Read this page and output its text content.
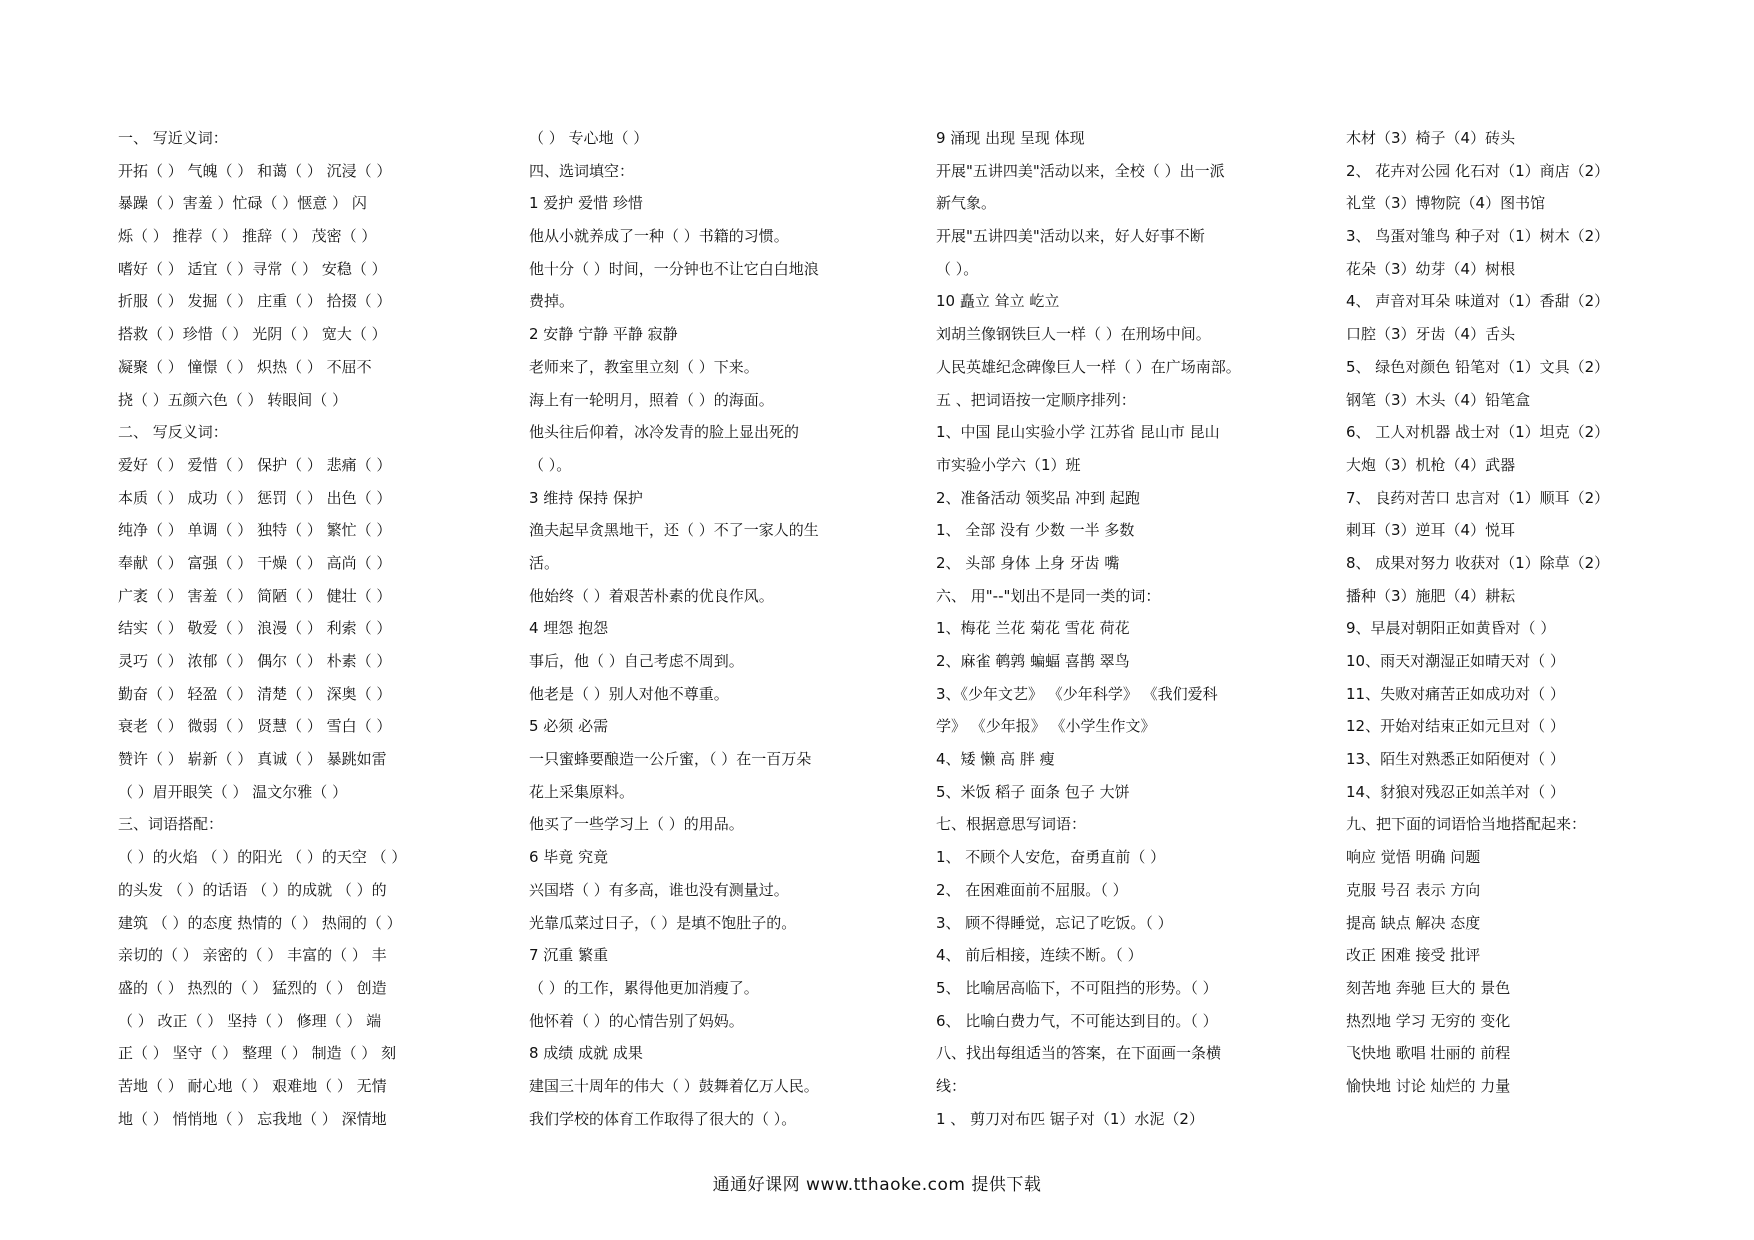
一、 写近义词：
开拓（ ） 气魄（ ） 和蔼（ ） 沉浸（ ）
暴躁（ ）害羞 ）忙碌（ ）惬意 ） 闪
烁（ ） 推荐（ ） 推辞（ ） 茂密（ ）
嗜好（ ） 适宜（ ）寻常（ ） 安稳（ ）
折服（ ） 发掘（ ） 庄重（ ） 拾掇（ ）
搭救（ ）珍惜（ ） 光阴（ ） 宽大（ ）
凝聚（ ） 憧憬（ ） 炽热（ ） 不屈不
挠（ ）五颜六色（ ） 转眼间（ ）
二、 写反义词：
爱好（ ） 爱惜（ ） 保护（ ） 悲痛（ ）
本质（ ） 成功（ ） 惩罚（ ） 出色（ ）
纯净（ ） 单调（ ） 独特（ ） 繁忙（ ）
奉献（ ） 富强（ ） 干燥（ ） 高尚（ ）
广袤（ ） 害羞（ ） 简陋（ ） 健壮（ ）
结实（ ） 敬爱（ ） 浪漫（ ） 利索（ ）
灵巧（ ） 浓郁（ ） 偶尔（ ） 朴素（ ）
勤奋（ ） 轻盈（ ） 清楚（ ） 深奥（ ）
衰老（ ） 微弱（ ） 贤慧（ ） 雪白（ ）
赞许（ ） 崭新（ ） 真诚（ ） 暴跳如雷
（ ）眉开眼笑（ ） 温文尔雅（ ）
三、词语搭配：
（ ）的火焰 （ ）的阳光 （ ）的天空 （ ）
的头发 （ ）的话语 （ ）的成就 （ ）的
建筑 （ ）的态度 热情的（ ） 热闹的（ ）
亲切的（ ） 亲密的（ ） 丰富的（ ） 丰
盛的（ ） 热烈的（ ） 猛烈的（ ） 创造
（ ） 改正（ ） 坚持（ ） 修理（ ） 端
正（ ） 坚守（ ） 整理（ ） 制造（ ） 刻
苦地（ ） 耐心地（ ） 艰难地（ ） 无情
地（ ） 悄悄地（ ） 忘我地（ ） 深情地
（ ） 专心地（ ）
四、选词填空：
1 爱护 爱惜 珍惜
他从小就养成了一种（ ）书籍的习惯。
他十分（ ）时间，一分钟也不让它白白地浪
费掉。
2 安静 宁静 平静 寂静
老师来了，教室里立刻（ ）下来。
海上有一轮明月，照着（ ）的海面。
他头往后仰着，冰冷发青的脸上显出死的
（ ）。
3 维持 保持 保护
渔夫起早贪黑地干，还（ ）不了一家人的生
活。
他始终（ ）着艰苦朴素的优良作风。
4 埋怨 抱怨
事后，他（ ）自己考虑不周到。
他老是（ ）别人对他不尊重。
5 必须 必需
一只蜜蜂要酿造一公斤蜜，（ ）在一百万朵
花上采集原料。
他买了一些学习上（ ）的用品。
6 毕竟 究竟
兴国塔（ ）有多高，谁也没有测量过。
光靠瓜菜过日子，（ ）是填不饱肚子的。
7 沉重 繁重
（ ）的工作，累得他更加消瘦了。
他怀着（ ）的心情告别了妈妈。
8 成绩 成就 成果
建国三十周年的伟大（ ）鼓舞着亿万人民。
我们学校的体育工作取得了很大的（ ）。
9 涌现 出现 呈现 体现
开展"五讲四美"活动以来，全校（ ）出一派
新气象。
开展"五讲四美"活动以来，好人好事不断
（ ）。
10 矗立 耸立 屹立
刘胡兰像钢铁巨人一样（ ）在刑场中间。
人民英雄纪念碑像巨人一样（ ）在广场南部。
五 、把词语按一定顺序排列：
1、中国 昆山实验小学 江苏省 昆山市 昆山
市实验小学六（1）班
2、准备活动 领奖品 冲到 起跑
1、 全部 没有 少数 一半 多数
2、 头部 身体 上身 牙齿 嘴
六、 用"--"划出不是同一类的词：
1、梅花 兰花 菊花 雪花 荷花
2、麻雀 鹌鹑 蝙蝠 喜鹊 翠鸟
3、《少年文艺》 《少年科学》 《我们爱科
学》 《少年报》 《小学生作文》
4、矮 懒 高 胖 瘦
5、米饭 稻子 面条 包子 大饼
七、根据意思写词语：
1、 不顾个人安危，奋勇直前（ ）
2、 在困难面前不屈服。（ ）
3、 顾不得睡觉，忘记了吃饭。（ ）
4、 前后相接，连续不断。（ ）
5、 比喻居高临下，不可阻挡的形势。（ ）
6、 比喻白费力气，不可能达到目的。（ ）
八、找出每组适当的答案，在下面画一条横
线：
1 、 剪刀对布匹 锯子对（1）水泥（2）
木材（3）椅子（4）砖头
2、 花卉对公园 化石对（1）商店（2）
礼堂（3）博物院（4）图书馆
3、 鸟蛋对雏鸟 种子对（1）树木（2）
花朵（3）幼芽（4）树根
4、 声音对耳朵 味道对（1）香甜（2）
口腔（3）牙齿（4）舌头
5、 绿色对颜色 铅笔对（1）文具（2）
钢笔（3）木头（4）铅笔盒
6、 工人对机器 战士对（1）坦克（2）
大炮（3）机枪（4）武器
7、 良药对苦口 忠言对（1）顺耳（2）
刺耳（3）逆耳（4）悦耳
8、 成果对努力 收获对（1）除草（2）
播种（3）施肥（4）耕耘
9、早晨对朝阳正如黄昏对（ ）
10、雨天对潮湿正如晴天对（ ）
11、失败对痛苦正如成功对（ ）
12、开始对结束正如元旦对（ ）
13、陌生对熟悉正如陌便对（ ）
14、豺狼对残忍正如羔羊对（ ）
九、把下面的词语恰当地搭配起来：
响应 觉悟 明确 问题
克服 号召 表示 方向
提高 缺点 解决 态度
改正 困难 接受 批评
刻苦地 奔驰 巨大的 景色
热烈地 学习 无穷的 变化
飞快地 歌唱 壮丽的 前程
愉快地 讨论 灿烂的 力量
通通好课网 www.tthaoke.com 提供下载
